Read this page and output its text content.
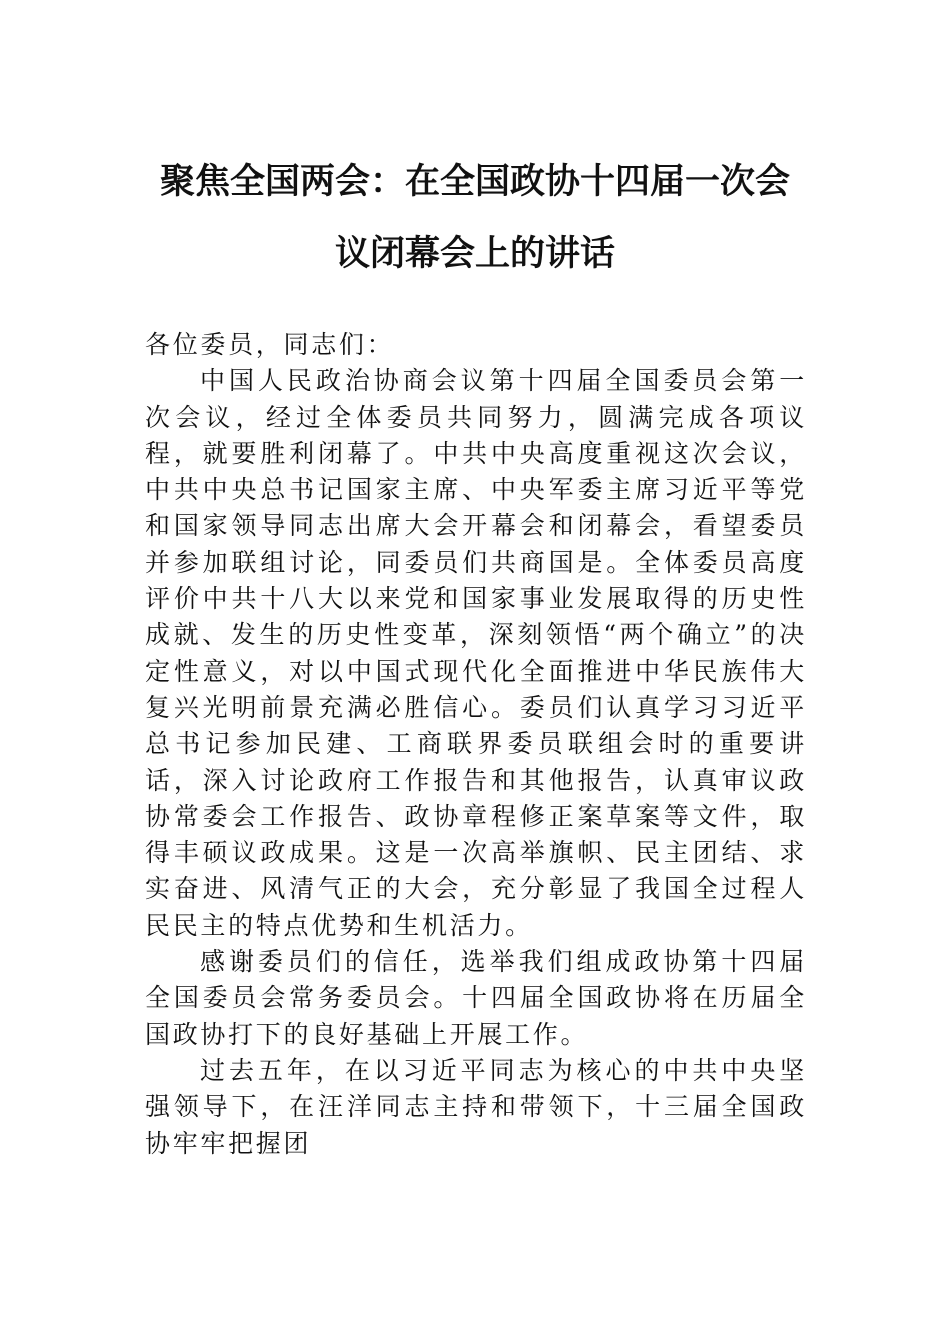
聚焦全国两会：在全国政协十四届一次会
议闭幕会上的讲话

各位委员，同志们：

中国人民政治协商会议第十四届全国委员会第一次会议，经过全体委员共同努力，圆满完成各项议程，就要胜利闭幕了。中共中央高度重视这次会议，中共中央总书记国家主席、中央军委主席习近平等党和国家领导同志出席大会开幕会和闭幕会，看望委员并参加联组讨论，同委员们共商国是。全体委员高度评价中共十八大以来党和国家事业发展取得的历史性成就、发生的历史性变革，深刻领悟“两个确立”的决定性意义，对以中国式现代化全面推进中华民族伟大复兴光明前景充满必胜信心。委员们认真学习习近平总书记参加民建、工商联界委员联组会时的重要讲话，深入讨论政府工作报告和其他报告，认真审议政协常委会工作报告、政协章程修正案草案等文件，取得丰硕议政成果。这是一次高举旗帜、民主团结、求实奋进、风清气正的大会，充分彰显了我国全过程人民民主的特点优势和生机活力。

感谢委员们的信任，选举我们组成政协第十四届全国委员会常务委员会。十四届全国政协将在历届全国政协打下的良好基础上开展工作。

过去五年，在以习近平同志为核心的中共中央坚强领导下，在汪洋同志主持和带领下，十三届全国政协牢牢把握团
